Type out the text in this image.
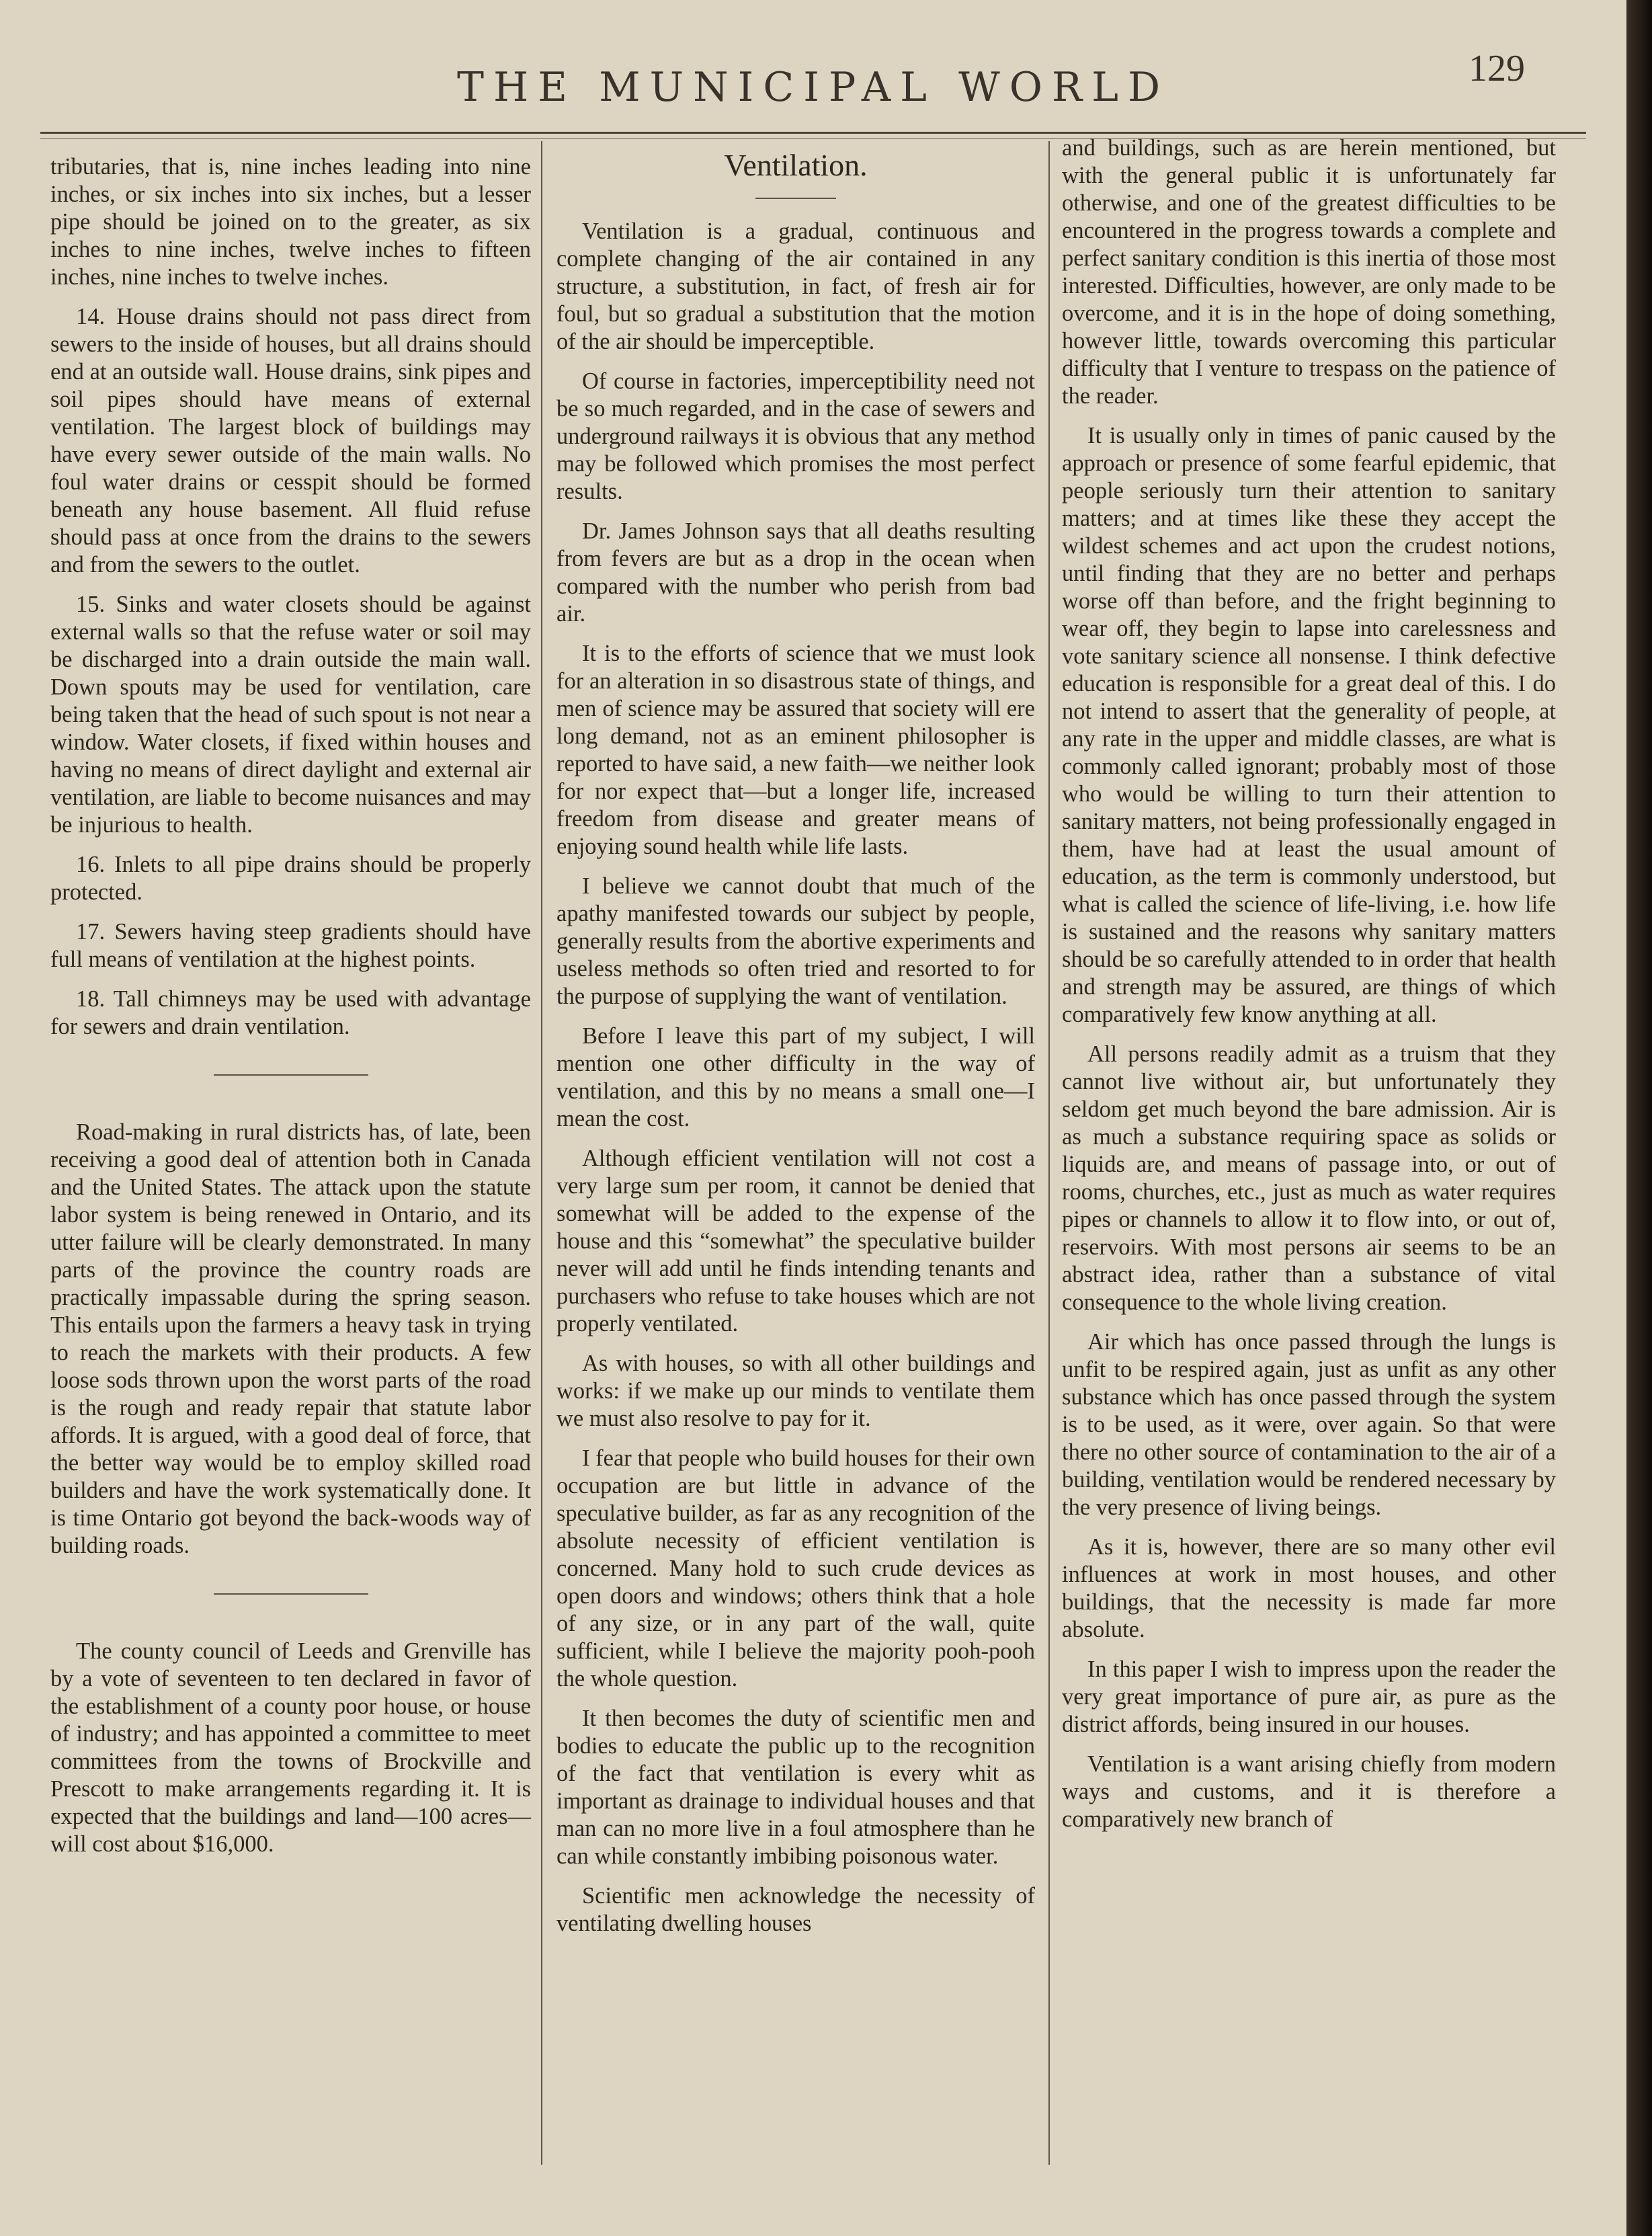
THE MUNICIPAL WORLD	129

tributaries, that is, nine inches leading into nine inches, or six inches into six inches, but a lesser pipe should be joined on to the greater, as six inches to nine inches, twelve inches to fifteen inches, nine inches to twelve inches.

14. House drains should not pass direct from sewers to the inside of houses, but all drains should end at an outside wall. House drains, sink pipes and soil pipes should have means of external ventilation. The largest block of buildings may have every sewer outside of the main walls. No foul water drains or cesspit should be formed beneath any house basement. All fluid refuse should pass at once from the drains to the sewers and from the sewers to the outlet.

15. Sinks and water closets should be against external walls so that the refuse water or soil may be discharged into a drain outside the main wall. Down spouts may be used for ventilation, care being taken that the head of such spout is not near a window. Water closets, if fixed within houses and having no means of direct daylight and external air ventilation, are liable to become nuisances and may be injurious to health.

16. Inlets to all pipe drains should be properly protected.

17. Sewers having steep gradients should have full means of ventilation at the highest points.

18. Tall chimneys may be used with advantage for sewers and drain ventilation.

Road-making in rural districts has, of late, been receiving a good deal of attention both in Canada and the United States. The attack upon the statute labor system is being renewed in Ontario, and its utter failure will be clearly demonstrated. In many parts of the province the country roads are practically impassable during the spring season. This entails upon the farmers a heavy task in trying to reach the markets with their products. A few loose sods thrown upon the worst parts of the road is the rough and ready repair that statute labor affords. It is argued, with a good deal of force, that the better way would be to employ skilled road builders and have the work systematically done. It is time Ontario got beyond the back-woods way of building roads.

The county council of Leeds and Grenville has by a vote of seventeen to ten declared in favor of the establishment of a county poor house, or house of industry; and has appointed a committee to meet committees from the towns of Brockville and Prescott to make arrangements regarding it. It is expected that the buildings and land—100 acres—will cost about $16,000.

Ventilation.

Ventilation is a gradual, continuous and complete changing of the air contained in any structure, a substitution, in fact, of fresh air for foul, but so gradual a substitution that the motion of the air should be imperceptible.

Of course in factories, imperceptibility need not be so much regarded, and in the case of sewers and underground railways it is obvious that any method may be followed which promises the most perfect results.

Dr. James Johnson says that all deaths resulting from fevers are but as a drop in the ocean when compared with the number who perish from bad air.

It is to the efforts of science that we must look for an alteration in so disastrous state of things, and men of science may be assured that society will ere long demand, not as an eminent philosopher is reported to have said, a new faith—we neither look for nor expect that—but a longer life, increased freedom from disease and greater means of enjoying sound health while life lasts.

I believe we cannot doubt that much of the apathy manifested towards our subject by people, generally results from the abortive experiments and useless methods so often tried and resorted to for the purpose of supplying the want of ventilation.

Before I leave this part of my subject, I will mention one other difficulty in the way of ventilation, and this by no means a small one—I mean the cost.

Although efficient ventilation will not cost a very large sum per room, it cannot be denied that somewhat will be added to the expense of the house and this “somewhat” the speculative builder never will add until he finds intending tenants and purchasers who refuse to take houses which are not properly ventilated.

As with houses, so with all other buildings and works: if we make up our minds to ventilate them we must also resolve to pay for it.

I fear that people who build houses for their own occupation are but little in advance of the speculative builder, as far as any recognition of the absolute necessity of efficient ventilation is concerned. Many hold to such crude devices as open doors and windows; others think that a hole of any size, or in any part of the wall, quite sufficient, while I believe the majority pooh-pooh the whole question.

It then becomes the duty of scientific men and bodies to educate the public up to the recognition of the fact that ventilation is every whit as important as drainage to individual houses and that man can no more live in a foul atmosphere than he can while constantly imbibing poisonous water.

Scientific men acknowledge the necessity of ventilating dwelling houses

and buildings, such as are herein mentioned, but with the general public it is unfortunately far otherwise, and one of the greatest difficulties to be encountered in the progress towards a complete and perfect sanitary condition is this inertia of those most interested. Difficulties, however, are only made to be overcome, and it is in the hope of doing something, however little, towards overcoming this particular difficulty that I venture to trespass on the patience of the reader.

It is usually only in times of panic caused by the approach or presence of some fearful epidemic, that people seriously turn their attention to sanitary matters; and at times like these they accept the wildest schemes and act upon the crudest notions, until finding that they are no better and perhaps worse off than before, and the fright beginning to wear off, they begin to lapse into carelessness and vote sanitary science all nonsense. I think defective education is responsible for a great deal of this. I do not intend to assert that the generality of people, at any rate in the upper and middle classes, are what is commonly called ignorant; probably most of those who would be willing to turn their attention to sanitary matters, not being professionally engaged in them, have had at least the usual amount of education, as the term is commonly understood, but what is called the science of life-living, i.e. how life is sustained and the reasons why sanitary matters should be so carefully attended to in order that health and strength may be assured, are things of which comparatively few know anything at all.

All persons readily admit as a truism that they cannot live without air, but unfortunately they seldom get much beyond the bare admission. Air is as much a substance requiring space as solids or liquids are, and means of passage into, or out of rooms, churches, etc., just as much as water requires pipes or channels to allow it to flow into, or out of, reservoirs. With most persons air seems to be an abstract idea, rather than a substance of vital consequence to the whole living creation.

Air which has once passed through the lungs is unfit to be respired again, just as unfit as any other substance which has once passed through the system is to be used, as it were, over again. So that were there no other source of contamination to the air of a building, ventilation would be rendered necessary by the very presence of living beings.

As it is, however, there are so many other evil influences at work in most houses, and other buildings, that the necessity is made far more absolute.

In this paper I wish to impress upon the reader the very great importance of pure air, as pure as the district affords, being insured in our houses.

Ventilation is a want arising chiefly from modern ways and customs, and it is therefore a comparatively new branch of
